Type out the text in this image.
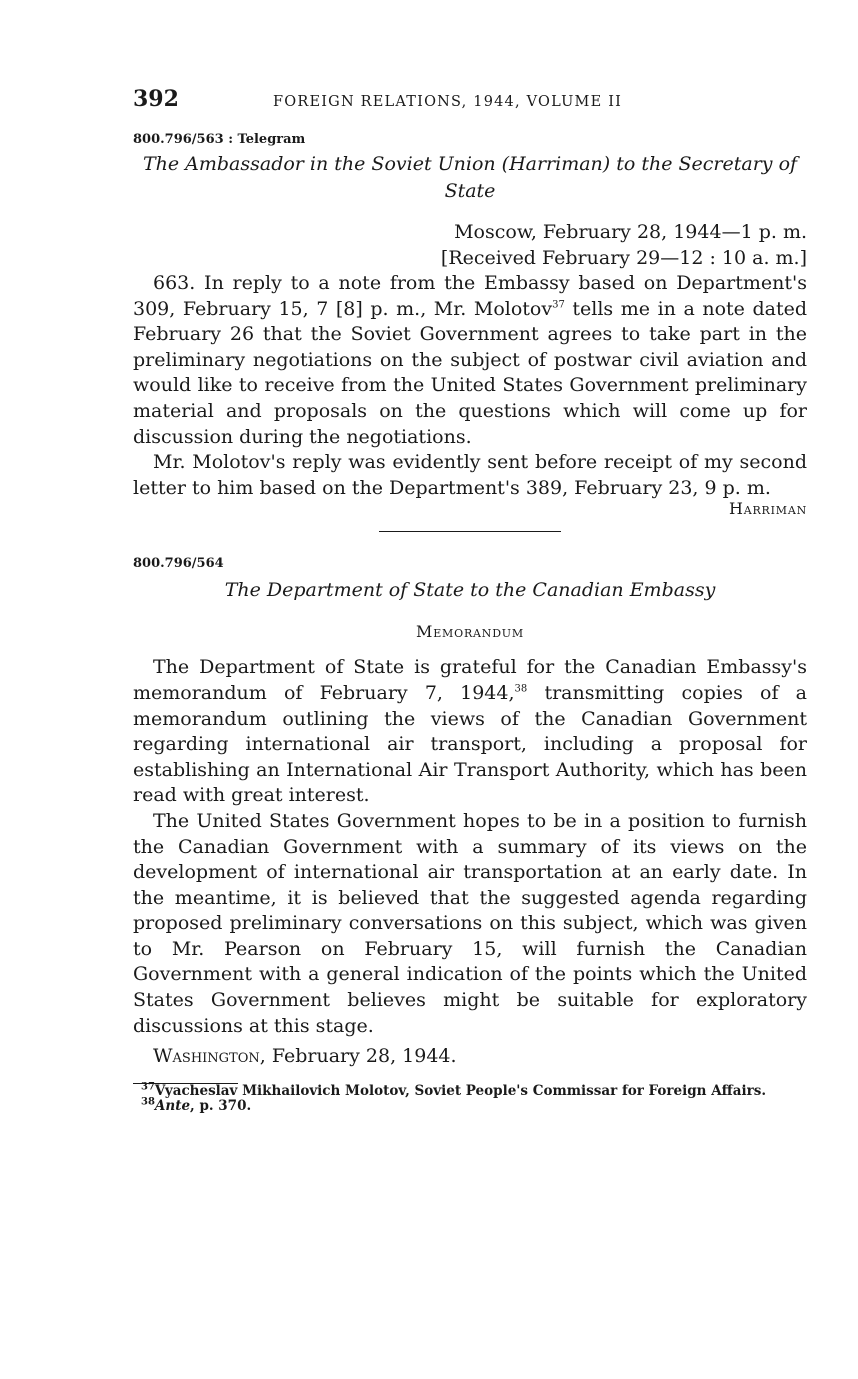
392	FOREIGN RELATIONS, 1944, VOLUME II
800.796/563 : Telegram
The Ambassador in the Soviet Union (Harriman) to the Secretary of State
Moscow, February 28, 1944—1 p. m.
[Received February 29—12 : 10 a. m.]

663. In reply to a note from the Embassy based on Department's 309, February 15, 7 [8] p. m., Mr. Molotov$^{37}$ tells me in a note dated February 26 that the Soviet Government agrees to take part in the preliminary negotiations on the subject of postwar civil aviation and would like to receive from the United States Government preliminary material and proposals on the questions which will come up for discussion during the negotiations.

Mr. Molotov's reply was evidently sent before receipt of my second letter to him based on the Department's 389, February 23, 9 p. m.

Harriman
800.796/564
The Department of State to the Canadian Embassy
Memorandum

The Department of State is grateful for the Canadian Embassy's memorandum of February 7, 1944,38 transmitting copies of a memorandum outlining the views of the Canadian Government regarding international air transport, including a proposal for establishing an International Air Transport Authority, which has been read with great interest.

The United States Government hopes to be in a position to furnish the Canadian Government with a summary of its views on the development of international air transportation at an early date. In the meantime, it is believed that the suggested agenda regarding proposed preliminary conversations on this subject, which was given to Mr. Pearson on February 15, will furnish the Canadian Government with a general indication of the points which the United States Government believes might be suitable for exploratory discussions at this stage.

Washington, February 28, 1944.

$^{37}$Vyacheslav Mikhailovich Molotov, Soviet People's Commissar for Foreign Affairs.

$^{38}$Ante, p. 370.
